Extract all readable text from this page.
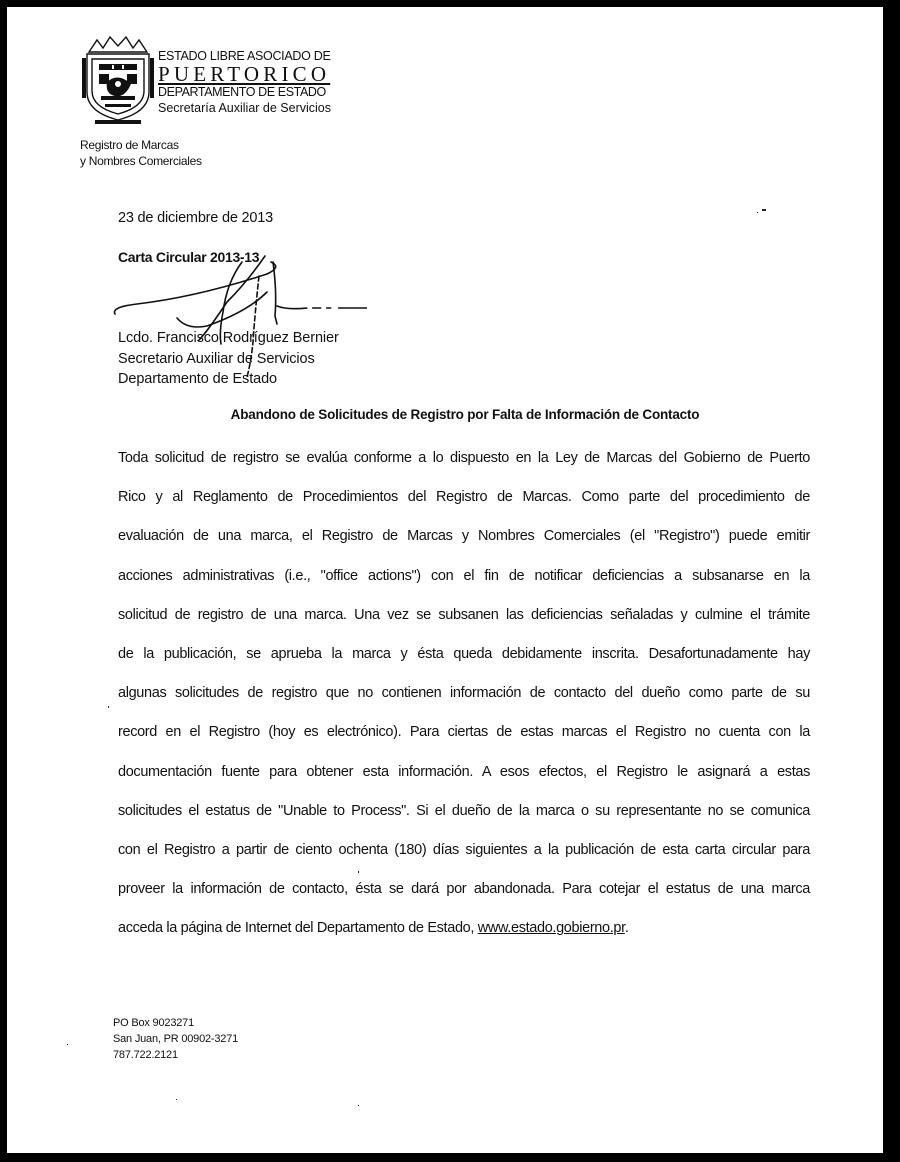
ESTADO LIBRE ASOCIADO DE
PUERTORICO
DEPARTAMENTO DE ESTADO
Secretaría Auxiliar de Servicios
Registro de Marcas
y Nombres Comerciales
23 de diciembre de 2013
Carta Circular 2013-13
Lcdo. Francisco Rodríguez Bernier
Secretario Auxiliar de Servicios
Departamento de Estado
Abandono de Solicitudes de Registro por Falta de Información de Contacto
Toda solicitud de registro se evalúa conforme a lo dispuesto en la Ley de Marcas del Gobierno de Puerto
Rico y al Reglamento de Procedimientos del Registro de Marcas. Como parte del procedimiento de
evaluación de una marca, el Registro de Marcas y Nombres Comerciales (el "Registro") puede emitir
acciones administrativas (i.e., "office actions") con el fin de notificar deficiencias a subsanarse en la
solicitud de registro de una marca. Una vez se subsanen las deficiencias señaladas y culmine el trámite
de la publicación, se aprueba la marca y ésta queda debidamente inscrita. Desafortunadamente hay
algunas solicitudes de registro que no contienen información de contacto del dueño como parte de su
record en el Registro (hoy es electrónico). Para ciertas de estas marcas el Registro no cuenta con la
documentación fuente para obtener esta información. A esos efectos, el Registro le asignará a estas
solicitudes el estatus de "Unable to Process". Si el dueño de la marca o su representante no se comunica
con el Registro a partir de ciento ochenta (180) días siguientes a la publicación de esta carta circular para
proveer la información de contacto, ésta se dará por abandonada. Para cotejar el estatus de una marca
acceda la página de Internet del Departamento de Estado, www.estado.gobierno.pr.
PO Box 9023271
San Juan, PR 00902-3271
787.722.2121
